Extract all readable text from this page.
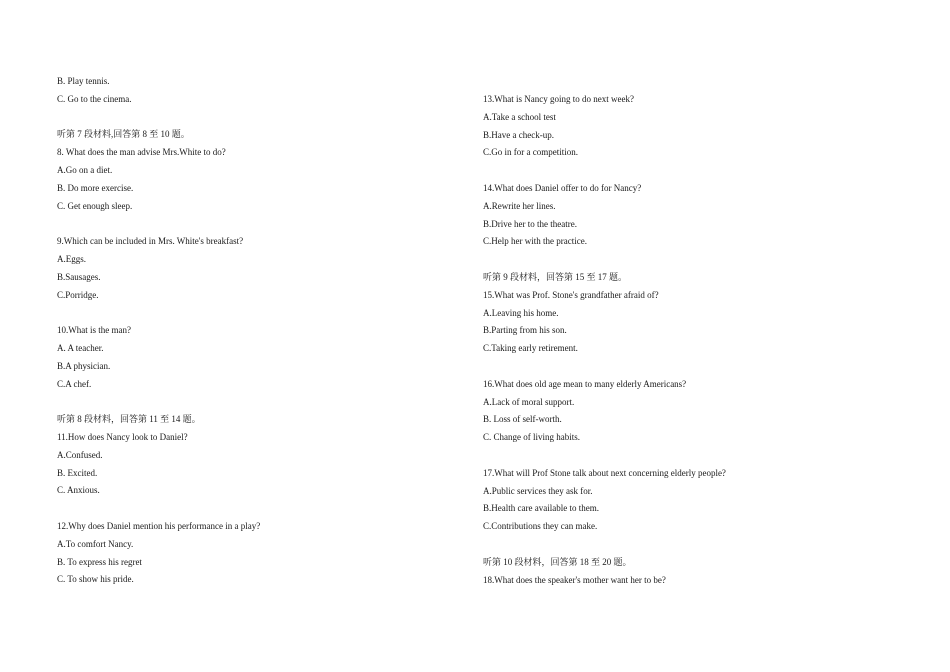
B. Play tennis.
C. Go to the cinema.
听第 7 段材料,回答第 8 至 10 题。
8. What does the man advise Mrs.White to do?
A.Go on a diet.
B. Do more exercise.
C. Get enough sleep.
9.Which can be included in Mrs. White's breakfast?
A.Eggs.
B.Sausages.
C.Porridge.
10.What is the man?
A. A teacher.
B.A physician.
C.A chef.
听第 8 段材料，回答第 11 至 14 题。
11.How does Nancy look to Daniel?
A.Confused.
B. Excited.
C. Anxious.
12.Why does Daniel mention his performance in a play?
A.To comfort Nancy.
B. To express his regret
C. To show his pride.
13.What is Nancy going to do next week?
A.Take a school test
B.Have a check-up.
C.Go in for a competition.
14.What does Daniel offer to do for Nancy?
A.Rewrite her lines.
B.Drive her to the theatre.
C.Help her with the practice.
听第 9 段材料，回答第 15 至 17 题。
15.What was Prof. Stone's grandfather afraid of?
A.Leaving his home.
B.Parting from his son.
C.Taking early retirement.
16.What does old age mean to many elderly Americans?
A.Lack of moral support.
B. Loss of self-worth.
C. Change of living habits.
17.What will Prof Stone talk about next concerning elderly people?
A.Public services they ask for.
B.Health care available to them.
C.Contributions they can make.
听第 10 段材料，回答第 18 至 20 题。
18.What does the speaker's mother want her to be?
